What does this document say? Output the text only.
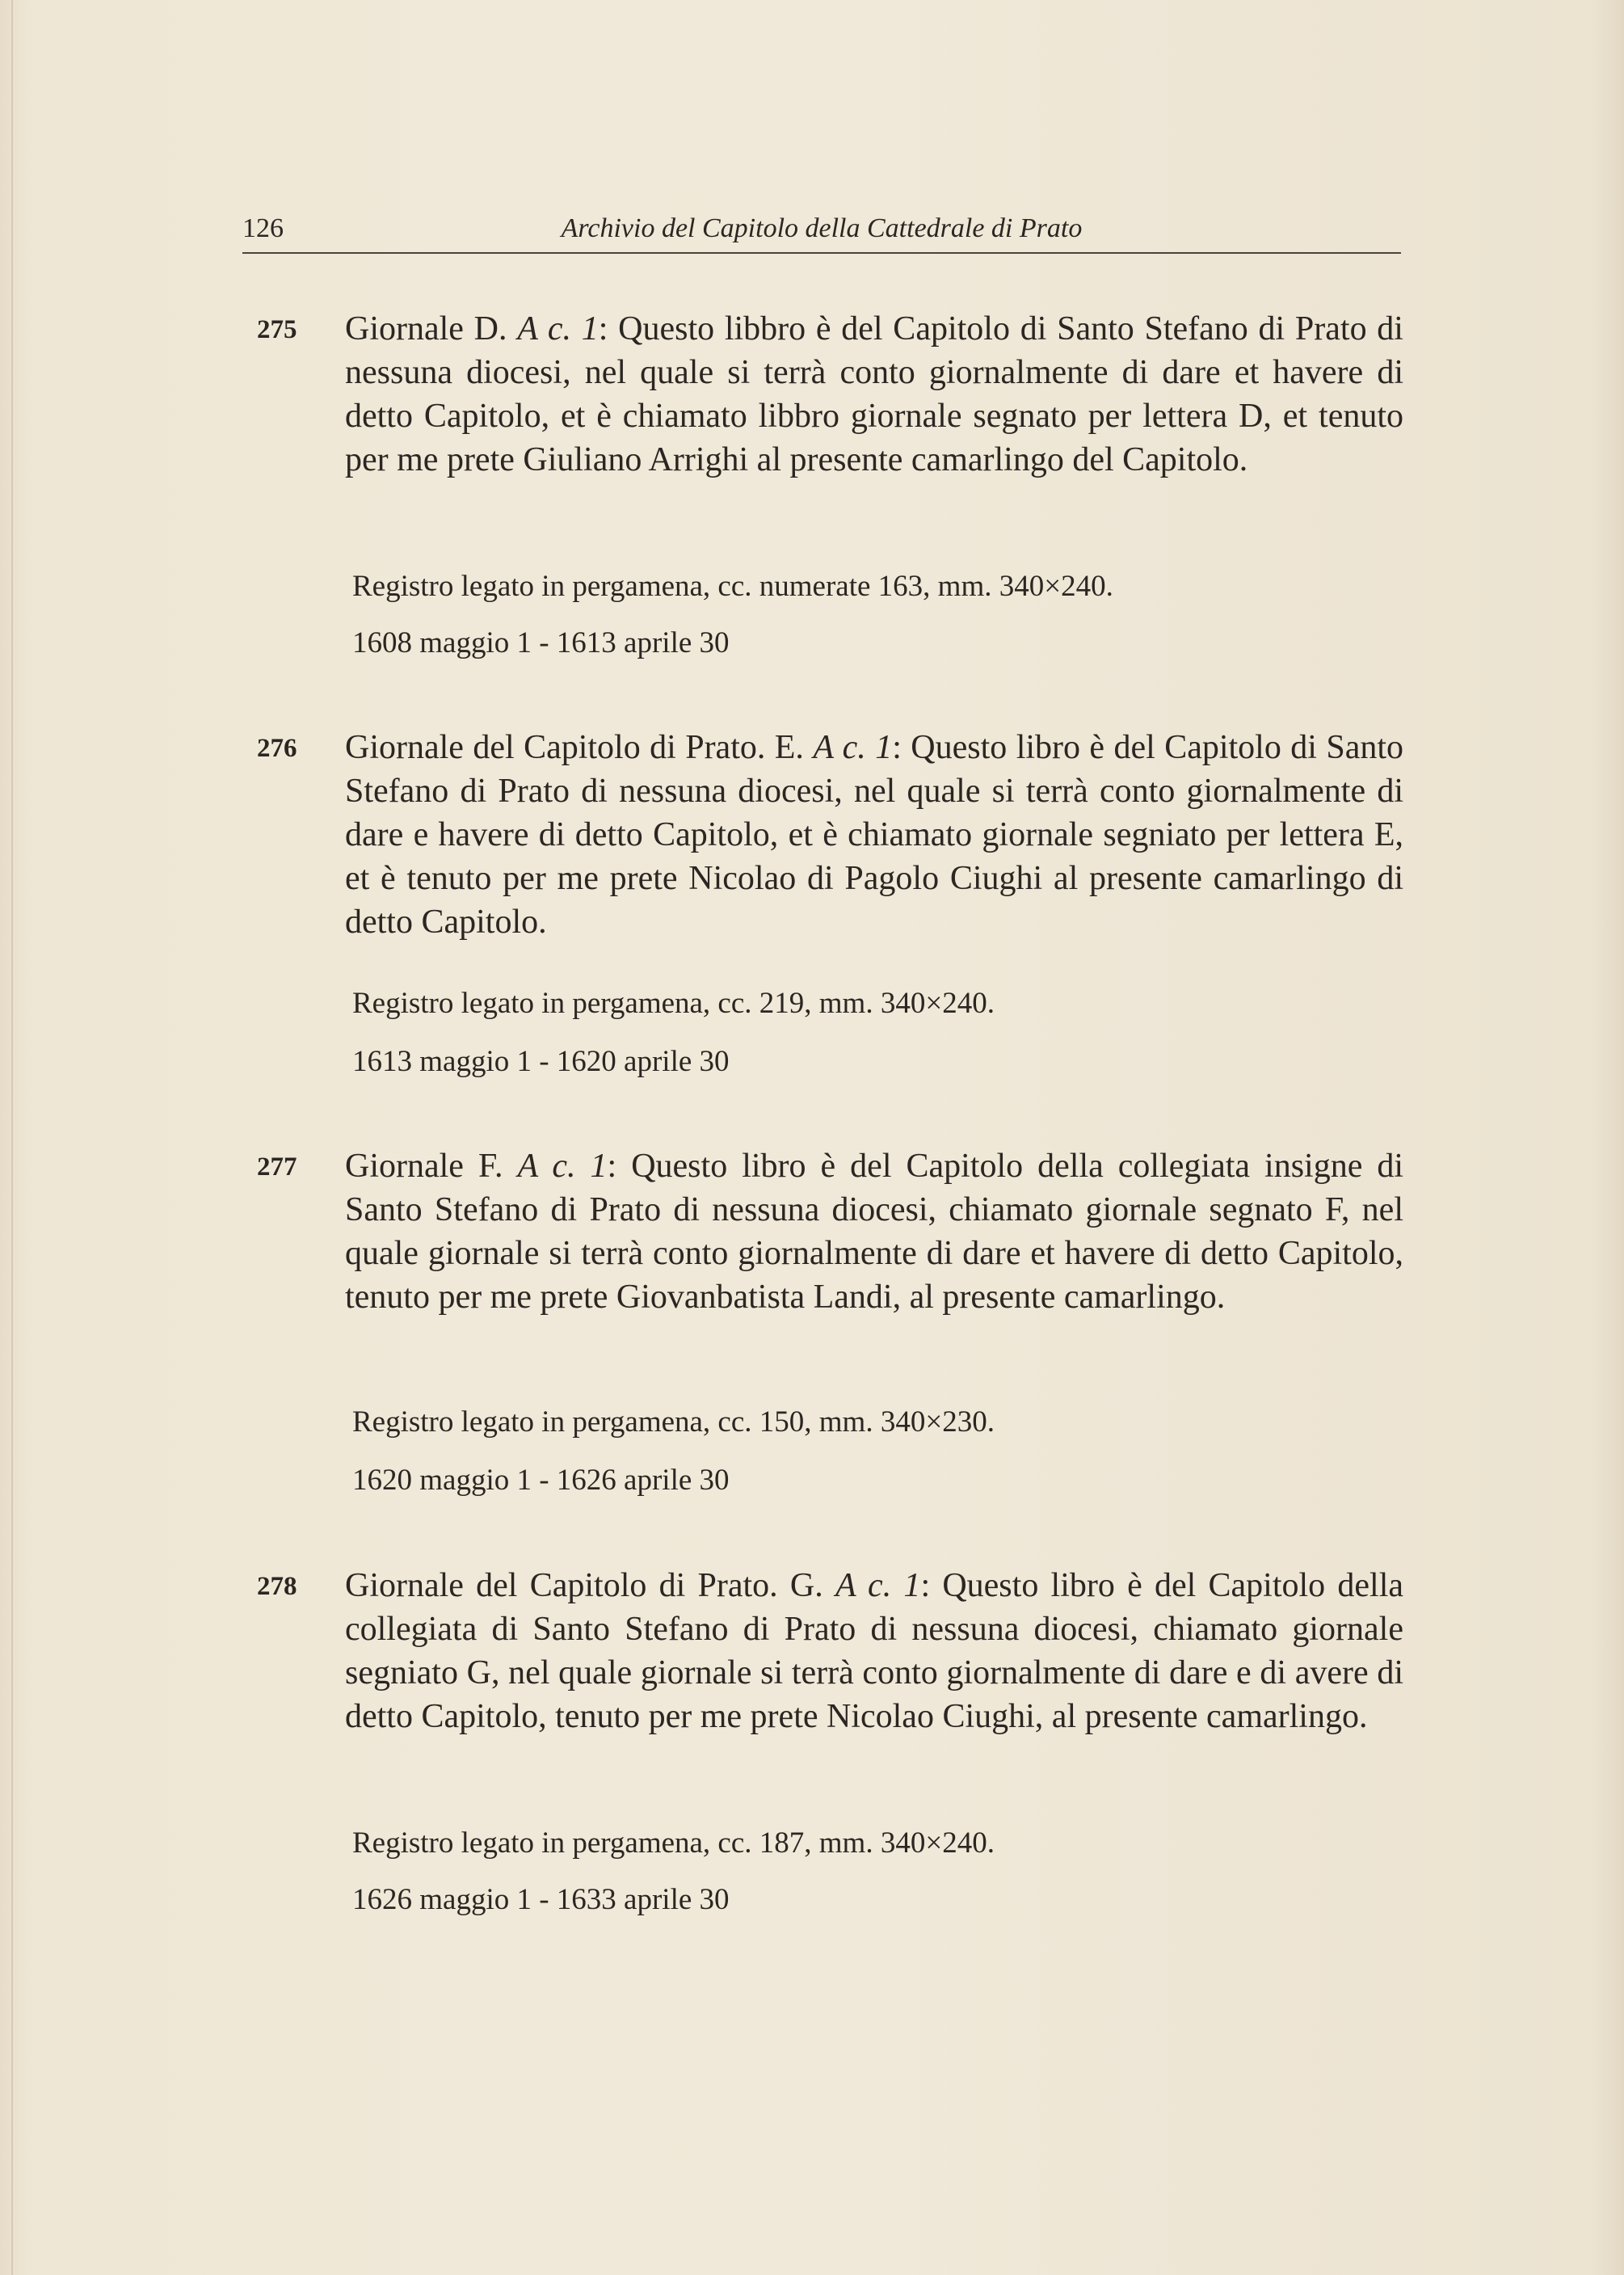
126	Archivio del Capitolo della Cattedrale di Prato
275 Giornale D. A c. 1: Questo libbro è del Capitolo di Santo Stefano di Prato di nessuna diocesi, nel quale si terrà conto giornalmente di dare et havere di detto Capitolo, et è chiamato libbro giornale segnato per lettera D, et tenuto per me prete Giuliano Arrighi al presente camarlingo del Capitolo.
Registro legato in pergamena, cc. numerate 163, mm. 340×240.
1608 maggio 1 - 1613 aprile 30
276 Giornale del Capitolo di Prato. E. A c. 1: Questo libro è del Capitolo di Santo Stefano di Prato di nessuna diocesi, nel quale si terrà conto giornalmente di dare e havere di detto Capitolo, et è chiamato giornale segniato per lettera E, et è tenuto per me prete Nicolao di Pagolo Ciughi al presente camarlingo di detto Capitolo.
Registro legato in pergamena, cc. 219, mm. 340×240.
1613 maggio 1 - 1620 aprile 30
277 Giornale F. A c. 1: Questo libro è del Capitolo della collegiata insigne di Santo Stefano di Prato di nessuna diocesi, chiamato giornale segnato F, nel quale giornale si terrà conto giornalmente di dare et havere di detto Capitolo, tenuto per me prete Giovanbatista Landi, al presente camarlingo.
Registro legato in pergamena, cc. 150, mm. 340×230.
1620 maggio 1 - 1626 aprile 30
278 Giornale del Capitolo di Prato. G. A c. 1: Questo libro è del Capitolo della collegiata di Santo Stefano di Prato di nessuna diocesi, chiamato giornale segniato G, nel quale giornale si terrà conto giornalmente di dare e di avere di detto Capitolo, tenuto per me prete Nicolao Ciughi, al presente camarlingo.
Registro legato in pergamena, cc. 187, mm. 340×240.
1626 maggio 1 - 1633 aprile 30
